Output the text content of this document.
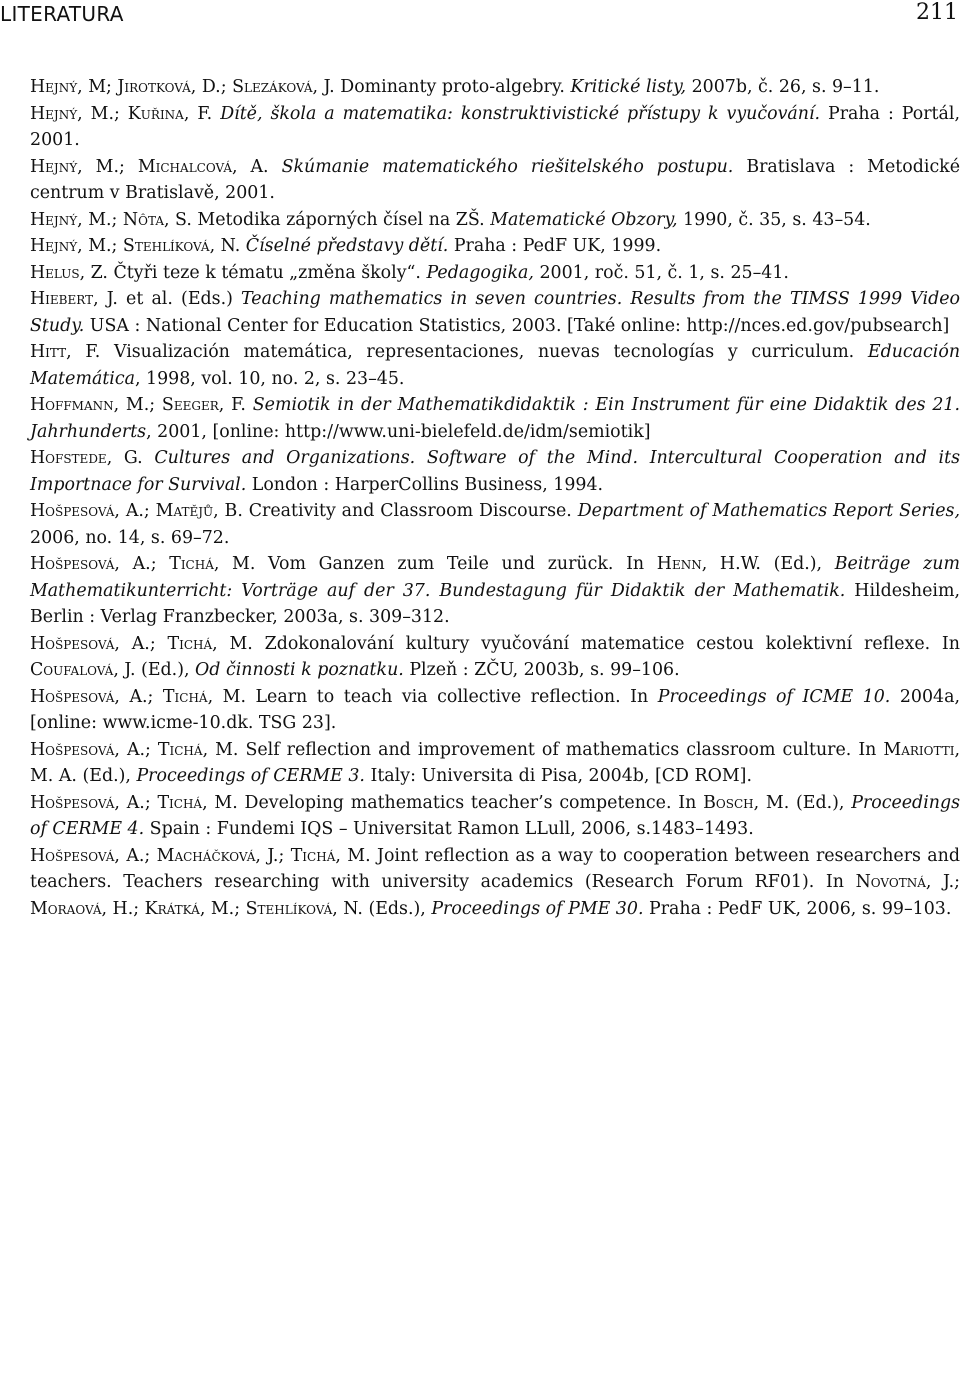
LITERATURA	211

Hejný, M; Jirotková, D.; Slezáková, J. Dominanty proto-algebry. Kritické listy, 2007b, č. 26, s. 9–11.

Hejný, M.; Kuřina, F. Dítě, škola a matematika: konstruktivistické přístupy k vyučování. Praha : Portál, 2001.

Hejný, M.; Michalcová, A. Skúmanie matematického riešitelského postupu. Bratislava : Metodické centrum v Bratislavě, 2001.

Hejný, M.; Nôta, S. Metodika záporných čísel na ZŠ. Matematické Obzory, 1990, č. 35, s. 43–54.

Hejný, M.; Stehlíková, N. Číselné představy dětí. Praha : PedF UK, 1999.

Helus, Z. Čtyři teze k tématu „změna školy“. Pedagogika, 2001, roč. 51, č. 1, s. 25–41.

Hiebert, J. et al. (Eds.) Teaching mathematics in seven countries. Results from the TIMSS 1999 Video Study. USA : National Center for Education Statistics, 2003. [Také online: http://nces.ed.gov/pubsearch]

Hitt, F. Visualización matemática, representaciones, nuevas tecnologías y curriculum. Educación Matemática, 1998, vol. 10, no. 2, s. 23–45.

Hoffmann, M.; Seeger, F. Semiotik in der Mathematikdidaktik : Ein Instrument für eine Didaktik des 21. Jahrhunderts, 2001, [online: http://www.uni-bielefeld.de/idm/semiotik]

Hofstede, G. Cultures and Organizations. Software of the Mind. Intercultural Cooperation and its Importnace for Survival. London : HarperCollins Business, 1994.

Hošpesová, A.; Matějů, B. Creativity and Classroom Discourse. Department of Mathematics Report Series, 2006, no. 14, s. 69–72.

Hošpesová, A.; Tichá, M. Vom Ganzen zum Teile und zurück. In Henn, H.W. (Ed.), Beiträge zum Mathematikunterricht: Vorträge auf der 37. Bundestagung für Didaktik der Mathematik. Hildesheim, Berlin : Verlag Franzbecker, 2003a, s. 309–312.

Hošpesová, A.; Tichá, M. Zdokonalování kultury vyučování matematice cestou kolektivní reflexe. In Coufalová, J. (Ed.), Od činnosti k poznatku. Plzeň : ZČU, 2003b, s. 99–106.

Hošpesová, A.; Tichá, M. Learn to teach via collective reflection. In Proceedings of ICME 10. 2004a, [online: www.icme-10.dk. TSG 23].

Hošpesová, A.; Tichá, M. Self reflection and improvement of mathematics classroom culture. In Mariotti, M. A. (Ed.), Proceedings of CERME 3. Italy: Universita di Pisa, 2004b, [CD ROM].

Hošpesová, A.; Tichá, M. Developing mathematics teacher’s competence. In Bosch, M. (Ed.), Proceedings of CERME 4. Spain : Fundemi IQS – Universitat Ramon LLull, 2006, s.1483–1493.

Hošpesová, A.; Macháčková, J.; Tichá, M. Joint reflection as a way to cooperation between researchers and teachers. Teachers researching with university academics (Research Forum RF01). In Novotná, J.; Moraová, H.; Krátká, M.; Stehlíková, N. (Eds.), Proceedings of PME 30. Praha : PedF UK, 2006, s. 99–103.
